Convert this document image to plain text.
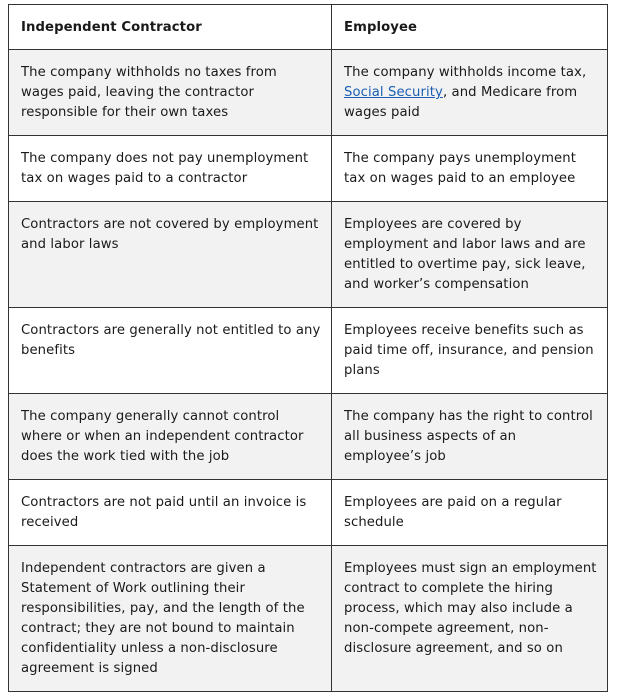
Independent Contractor	Employee
The company withholds no taxes from wages paid, leaving the contractor responsible for their own taxes	The company withholds income tax, Social Security, and Medicare from wages paid
The company does not pay unemployment tax on wages paid to a contractor	The company pays unemployment tax on wages paid to an employee
Contractors are not covered by employment and labor laws	Employees are covered by employment and labor laws and are entitled to overtime pay, sick leave, and worker’s compensation
Contractors are generally not entitled to any benefits	Employees receive benefits such as paid time off, insurance, and pension plans
The company generally cannot control where or when an independent contractor does the work tied with the job	The company has the right to control all business aspects of an employee’s job
Contractors are not paid until an invoice is received	Employees are paid on a regular schedule
Independent contractors are given a Statement of Work outlining their responsibilities, pay, and the length of the contract; they are not bound to maintain confidentiality unless a non-disclosure agreement is signed	Employees must sign an employment contract to complete the hiring process, which may also include a non-compete agreement, non-disclosure agreement, and so on
